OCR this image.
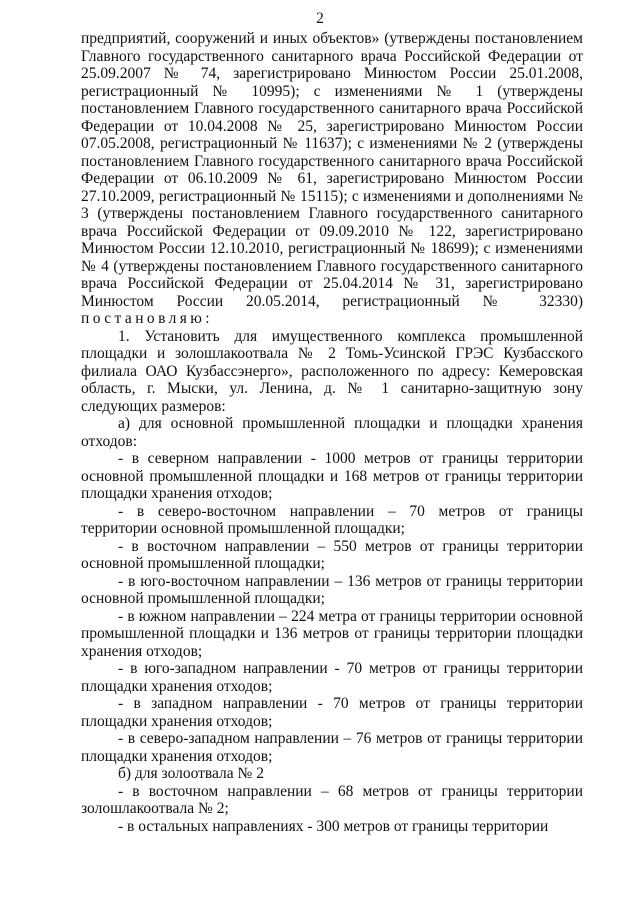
2

предприятий, сооружений и иных объектов» (утверждены постановлением Главного государственного санитарного врача Российской Федерации от 25.09.2007 № 74, зарегистрировано Минюстом России 25.01.2008, регистрационный № 10995); с изменениями № 1 (утверждены постановлением Главного государственного санитарного врача Российской Федерации от 10.04.2008 № 25, зарегистрировано Минюстом России 07.05.2008, регистрационный № 11637); с изменениями № 2 (утверждены постановлением Главного государственного санитарного врача Российской Федерации от 06.10.2009 № 61, зарегистрировано Минюстом России 27.10.2009, регистрационный № 15115); с изменениями и дополнениями № 3 (утверждены постановлением Главного государственного санитарного врача Российской Федерации от 09.09.2010 № 122, зарегистрировано Минюстом России 12.10.2010, регистрационный № 18699); с изменениями № 4 (утверждены постановлением Главного государственного санитарного врача Российской Федерации от 25.04.2014 № 31, зарегистрировано Минюстом России 20.05.2014, регистрационный № 32330) постановляю:

1. Установить для имущественного комплекса промышленной площадки и золошлакоотвала № 2 Томь-Усинской ГРЭС Кузбасского филиала ОАО Кузбассэнерго», расположенного по адресу: Кемеровская область, г. Мыски, ул. Ленина, д. № 1 санитарно-защитную зону следующих размеров:

а) для основной промышленной площадки и площадки хранения отходов:

- в северном направлении - 1000 метров от границы территории основной промышленной площадки и 168 метров от границы территории площадки хранения отходов;

- в северо-восточном направлении – 70 метров от границы территории основной промышленной площадки;

- в восточном направлении – 550 метров от границы территории основной промышленной площадки;

- в юго-восточном направлении – 136 метров от границы территории основной промышленной площадки;

- в южном направлении – 224 метра от границы территории основной промышленной площадки и 136 метров от границы территории площадки хранения отходов;

- в юго-западном направлении - 70 метров от границы территории площадки хранения отходов;

- в западном направлении - 70 метров от границы территории площадки хранения отходов;

- в северо-западном направлении – 76 метров от границы территории площадки хранения отходов;

б) для золоотвала № 2

- в восточном направлении – 68 метров от границы территории золошлакоотвала № 2;

- в остальных направлениях - 300 метров от границы территории
